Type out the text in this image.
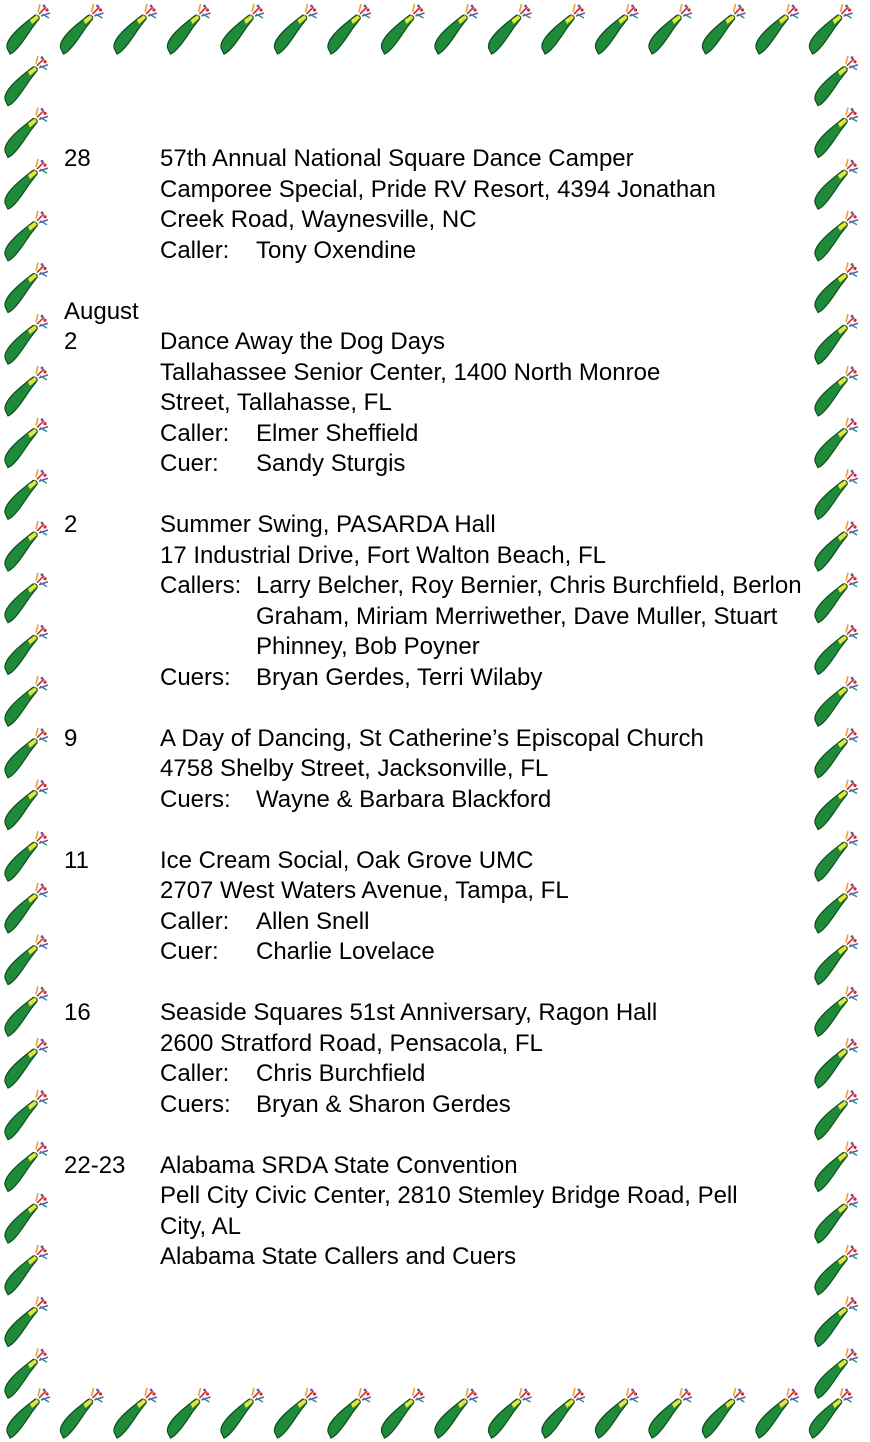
28	57th Annual National Square Dance Camper
Camporee Special, Pride RV Resort, 4394 Jonathan
Creek Road, Waynesville, NC
Caller:	Tony Oxendine
August
2	Dance Away the Dog Days
Tallahassee Senior Center, 1400 North Monroe
Street, Tallahasse, FL
Caller:	Elmer Sheffield
Cuer:	Sandy Sturgis
2	Summer Swing, PASARDA Hall
17 Industrial Drive, Fort Walton Beach, FL
Callers: Larry Belcher, Roy Bernier, Chris Burchfield, Berlon Graham, Miriam Merriwether, Dave Muller, Stuart Phinney, Bob Poyner
Cuers:	Bryan Gerdes, Terri Wilaby
9	A Day of Dancing, St Catherine’s Episcopal Church
4758 Shelby Street, Jacksonville, FL
Cuers:	Wayne & Barbara Blackford
11	Ice Cream Social, Oak Grove UMC
2707 West Waters Avenue, Tampa, FL
Caller:	Allen Snell
Cuer:	Charlie Lovelace
16	Seaside Squares 51st Anniversary, Ragon Hall
2600 Stratford Road, Pensacola, FL
Caller:	Chris Burchfield
Cuers:	Bryan & Sharon Gerdes
22-23 Alabama SRDA State Convention
Pell City Civic Center, 2810 Stemley Bridge Road, Pell
City, AL
Alabama State Callers and Cuers
